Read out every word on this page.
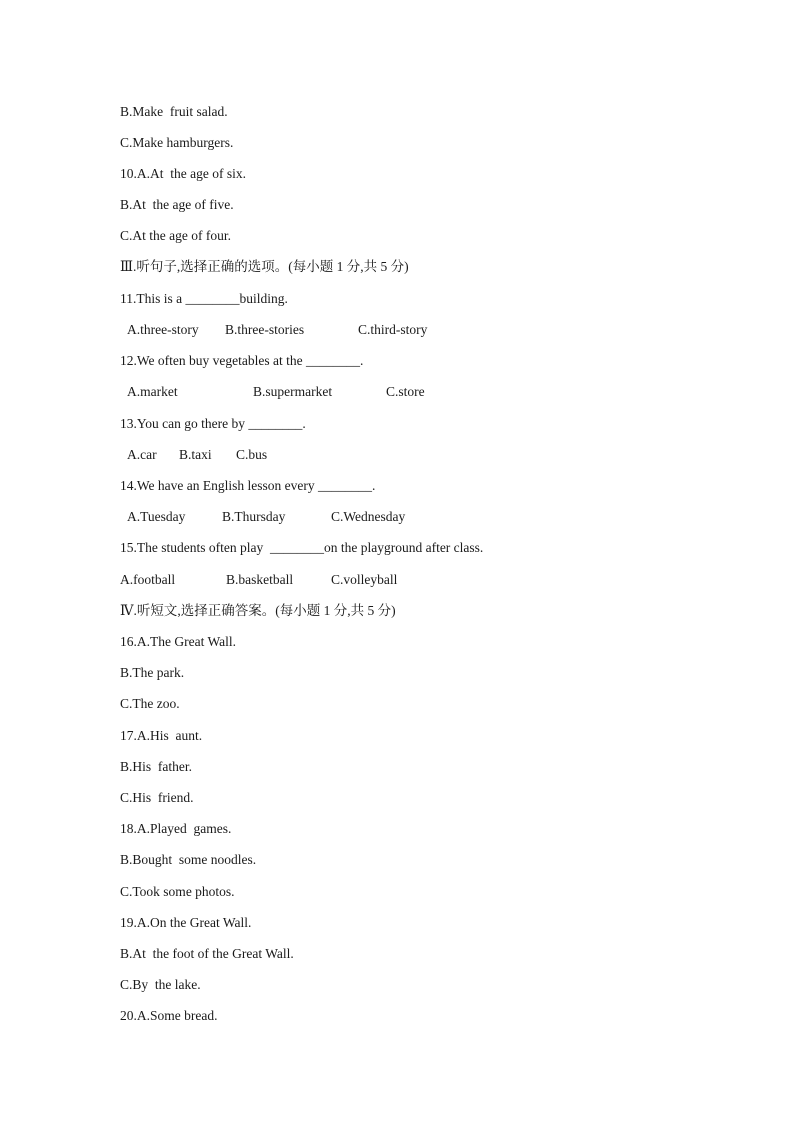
B.Make  fruit salad.
C.Make hamburgers.
10.A.At  the age of six.
B.At  the age of five.
C.At the age of four.
Ⅲ.听句子,选择正确的选项。(每小题 1 分,共 5 分)
11.This is a ________building.
A.three-story B.three-stories	C.third-story
12.We often buy vegetables at the ________.
A.market	B.supermarket	C.store
13.You can go there by ________.
A.car B.taxi C.bus
14.We have an English lesson every ________.
A.Tuesday	B.Thursday	C.Wednesday
15.The students often play  ________on the playground after class.
A.football	B.basketball	C.volleyball
Ⅳ.听短文,选择正确答案。(每小题 1 分,共 5 分)
16.A.The Great Wall.
B.The park.
C.The zoo.
17.A.His  aunt.
B.His  father.
C.His  friend.
18.A.Played  games.
B.Bought  some noodles.
C.Took some photos.
19.A.On the Great Wall.
B.At  the foot of the Great Wall.
C.By  the lake.
20.A.Some bread.
